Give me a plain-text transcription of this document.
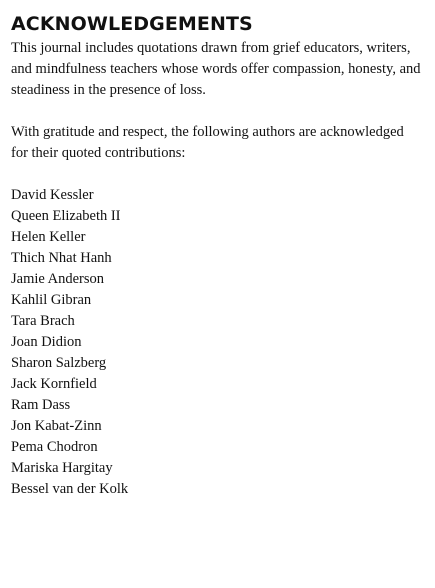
ACKNOWLEDGEMENTS

This journal includes quotations drawn from grief educators, writers, and mindfulness teachers whose words offer compassion, honesty, and steadiness in the presence of loss.

With gratitude and respect, the following authors are acknowledged for their quoted contributions:

David Kessler
Queen Elizabeth II
Helen Keller
Thich Nhat Hanh
Jamie Anderson
Kahlil Gibran
Tara Brach
Joan Didion
Sharon Salzberg
Jack Kornfield
Ram Dass
Jon Kabat-Zinn
Pema Chodron
Mariska Hargitay
Bessel van der Kolk
